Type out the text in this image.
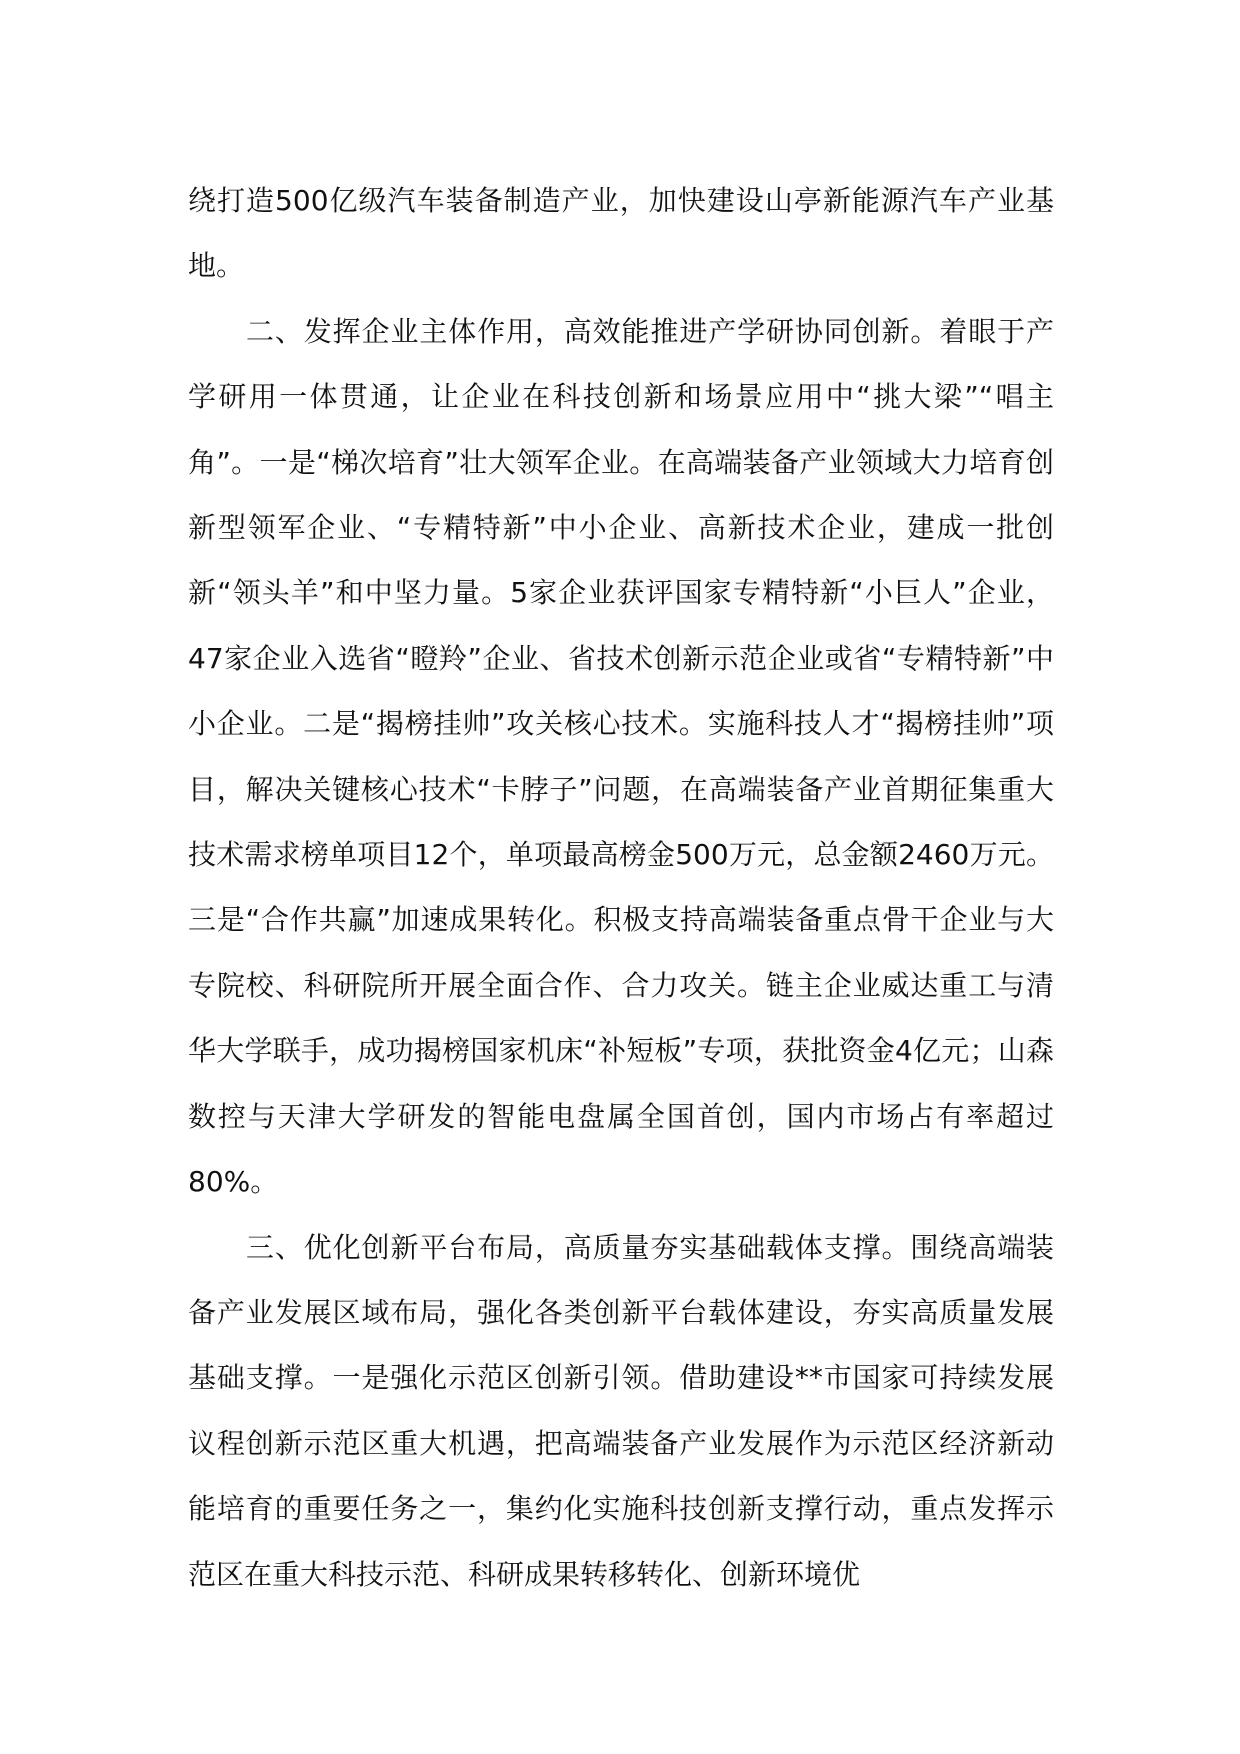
绕打造500亿级汽车装备制造产业，加快建设山亭新能源汽车产业基地。

二、发挥企业主体作用，高效能推进产学研协同创新。着眼于产学研用一体贯通，让企业在科技创新和场景应用中“挑大梁”“唱主角”。一是“梯次培育”壮大领军企业。在高端装备产业领域大力培育创新型领军企业、“专精特新”中小企业、高新技术企业，建成一批创新“领头羊”和中坚力量。5家企业获评国家专精特新“小巨人”企业，47家企业入选省“瞪羚”企业、省技术创新示范企业或省“专精特新”中小企业。二是“揭榜挂帅”攻关核心技术。实施科技人才“揭榜挂帅”项目，解决关键核心技术“卡脖子”问题，在高端装备产业首期征集重大技术需求榜单项目12个，单项最高榜金500万元，总金额2460万元。三是“合作共赢”加速成果转化。积极支持高端装备重点骨干企业与大专院校、科研院所开展全面合作、合力攻关。链主企业威达重工与清华大学联手，成功揭榜国家机床“补短板”专项，获批资金4亿元；山森数控与天津大学研发的智能电盘属全国首创，国内市场占有率超过80%。

三、优化创新平台布局，高质量夯实基础载体支撑。围绕高端装备产业发展区域布局，强化各类创新平台载体建设，夯实高质量发展基础支撑。一是强化示范区创新引领。借助建设**市国家可持续发展议程创新示范区重大机遇，把高端装备产业发展作为示范区经济新动能培育的重要任务之一，集约化实施科技创新支撑行动，重点发挥示范区在重大科技示范、科研成果转移转化、创新环境优
